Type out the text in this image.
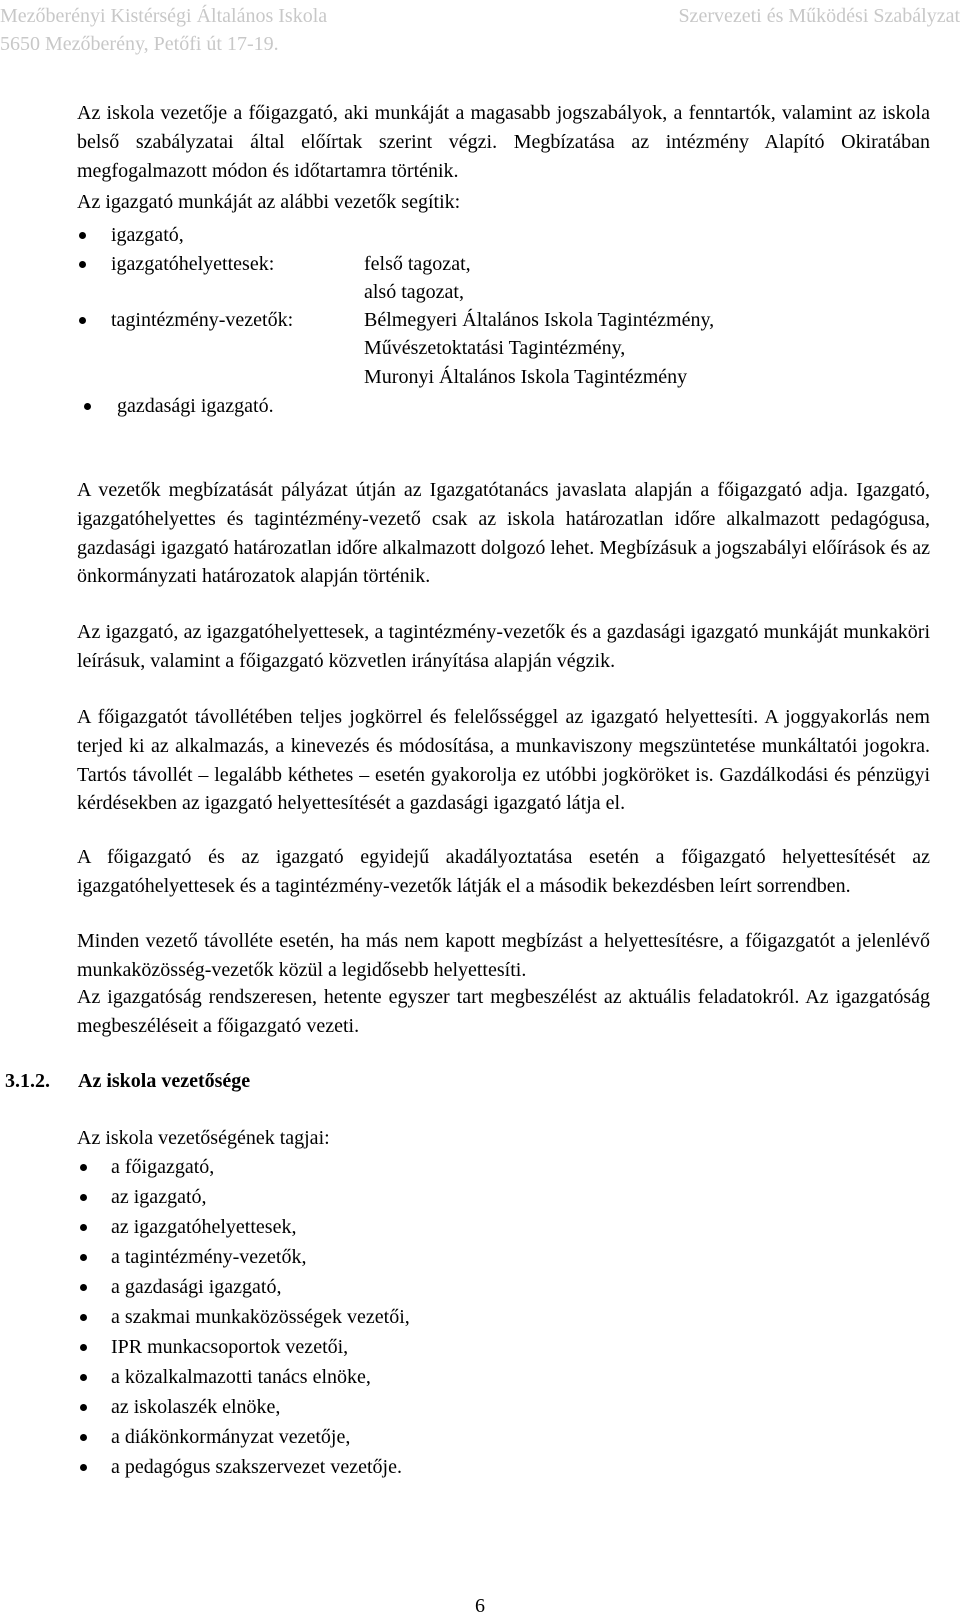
Mezőberényi Kistérségi Általános Iskola
5650 Mezőberény, Petőfi út 17-19.
Szervezeti és Működési Szabályzat

Az iskola vezetője a főigazgató, aki munkáját a magasabb jogszabályok, a fenntartók, valamint az iskola belső szabályzatai által előírtak szerint végzi. Megbízatása az intézmény Alapító Okiratában megfogalmazott módon és időtartamra történik.

Az igazgató munkáját az alábbi vezetők segítik:
igazgató,
igazgatóhelyettesek:	felső tagozat,
alsó tagozat,
tagintézmény-vezetők:	Bélmegyeri Általános Iskola Tagintézmény,
Művészetoktatási Tagintézmény,
Muronyi Általános Iskola Tagintézmény
gazdasági igazgató.

A vezetők megbízatását pályázat útján az Igazgatótanács javaslata alapján a főigazgató adja. Igazgató, igazgatóhelyettes és tagintézmény-vezető csak az iskola határozatlan időre alkalmazott pedagógusa, gazdasági igazgató határozatlan időre alkalmazott dolgozó lehet. Megbízásuk a jogszabályi előírások és az önkormányzati határozatok alapján történik.

Az igazgató, az igazgatóhelyettesek, a tagintézmény-vezetők és a gazdasági igazgató munkáját munkaköri leírásuk, valamint a főigazgató közvetlen irányítása alapján végzik.

A főigazgatót távollétében teljes jogkörrel és felelősséggel az igazgató helyettesíti. A joggyakorlás nem terjed ki az alkalmazás, a kinevezés és módosítása, a munkaviszony megszüntetése munkáltatói jogokra. Tartós távollét – legalább kéthetes – esetén gyakorolja ez utóbbi jogköröket is. Gazdálkodási és pénzügyi kérdésekben az igazgató helyettesítését a gazdasági igazgató látja el.

A főigazgató és az igazgató egyidejű akadályoztatása esetén a főigazgató helyettesítését az igazgatóhelyettesek és a tagintézmény-vezetők látják el a második bekezdésben leírt sorrendben.

Minden vezető távolléte esetén, ha más nem kapott megbízást a helyettesítésre, a főigazgatót a jelenlévő munkaközösség-vezetők közül a legidősebb helyettesíti.

Az igazgatóság rendszeresen, hetente egyszer tart megbeszélést az aktuális feladatokról. Az igazgatóság megbeszéléseit a főigazgató vezeti.

3.1.2. Az iskola vezetősége
Az iskola vezetőségének tagjai:
a főigazgató,
az igazgató,
az igazgatóhelyettesek,
a tagintézmény-vezetők,
a gazdasági igazgató,
a szakmai munkaközösségek vezetői,
IPR munkacsoportok vezetői,
a közalkalmazotti tanács elnöke,
az iskolaszék elnöke,
a diákönkormányzat vezetője,
a pedagógus szakszervezet vezetője.
6
